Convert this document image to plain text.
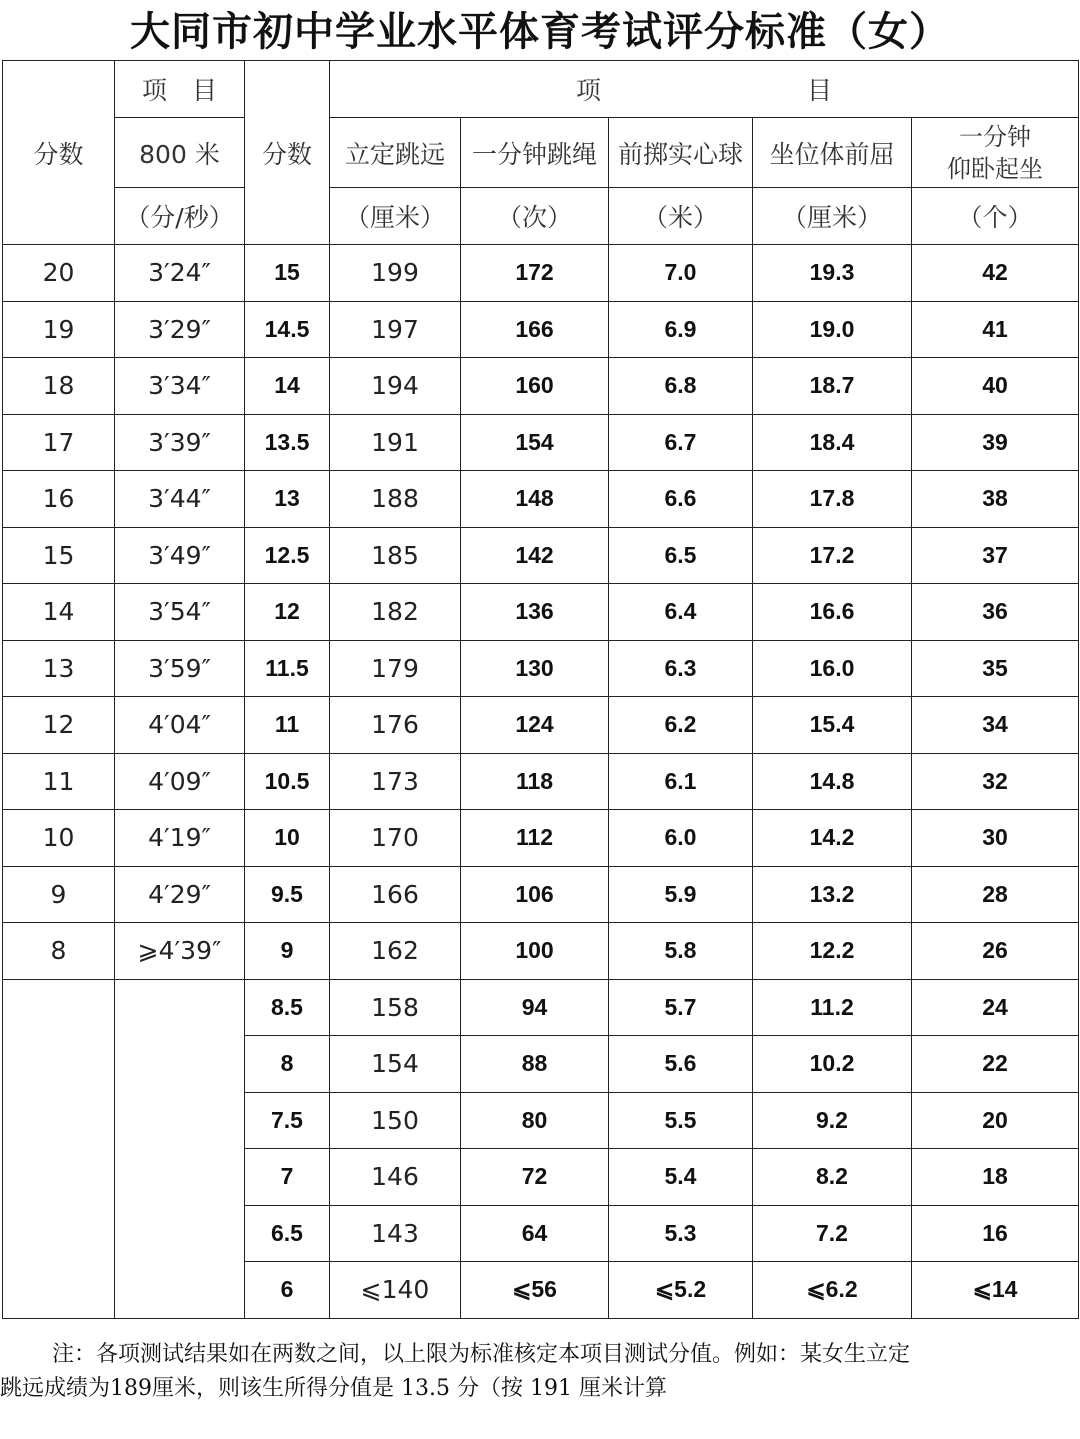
大同市初中学业水平体育考试评分标准（女）
分数	项　目	分数	项 目				
	800 米		立定跳远	一分钟跳绳	前掷实心球	坐位体前屈	一分钟
仰卧起坐

	（分/秒）		（厘米）	（次）	（米）	（厘米）	（个）
20	3′24″	15	199	172	7.0	19.3	42
19	3′29″	14.5	197	166	6.9	19.0	41
18	3′34″	14	194	160	6.8	18.7	40
17	3′39″	13.5	191	154	6.7	18.4	39
16	3′44″	13	188	148	6.6	17.8	38
15	3′49″	12.5	185	142	6.5	17.2	37
14	3′54″	12	182	136	6.4	16.6	36
13	3′59″	11.5	179	130	6.3	16.0	35
12	4′04″	11	176	124	6.2	15.4	34
11	4′09″	10.5	173	118	6.1	14.8	32
10	4′19″	10	170	112	6.0	14.2	30
9	4′29″	9.5	166	106	5.9	13.2	28
8	⩾4′39″	9	162	100	5.8	12.2	26
		8.5	158	94	5.7	11.2	24
		8	154	88	5.6	10.2	22
		7.5	150	80	5.5	9.2	20
		7	146	72	5.4	8.2	18
		6.5	143	64	5.3	7.2	16
		6	⩽140	⩽56	⩽5.2	⩽6.2	⩽14
注：各项测试结果如在两数之间，以上限为标准核定本项目测试分值。例如：某女生立定
跳远成绩为189厘米，则该生所得分值是 13.5 分（按 191 厘米计算
